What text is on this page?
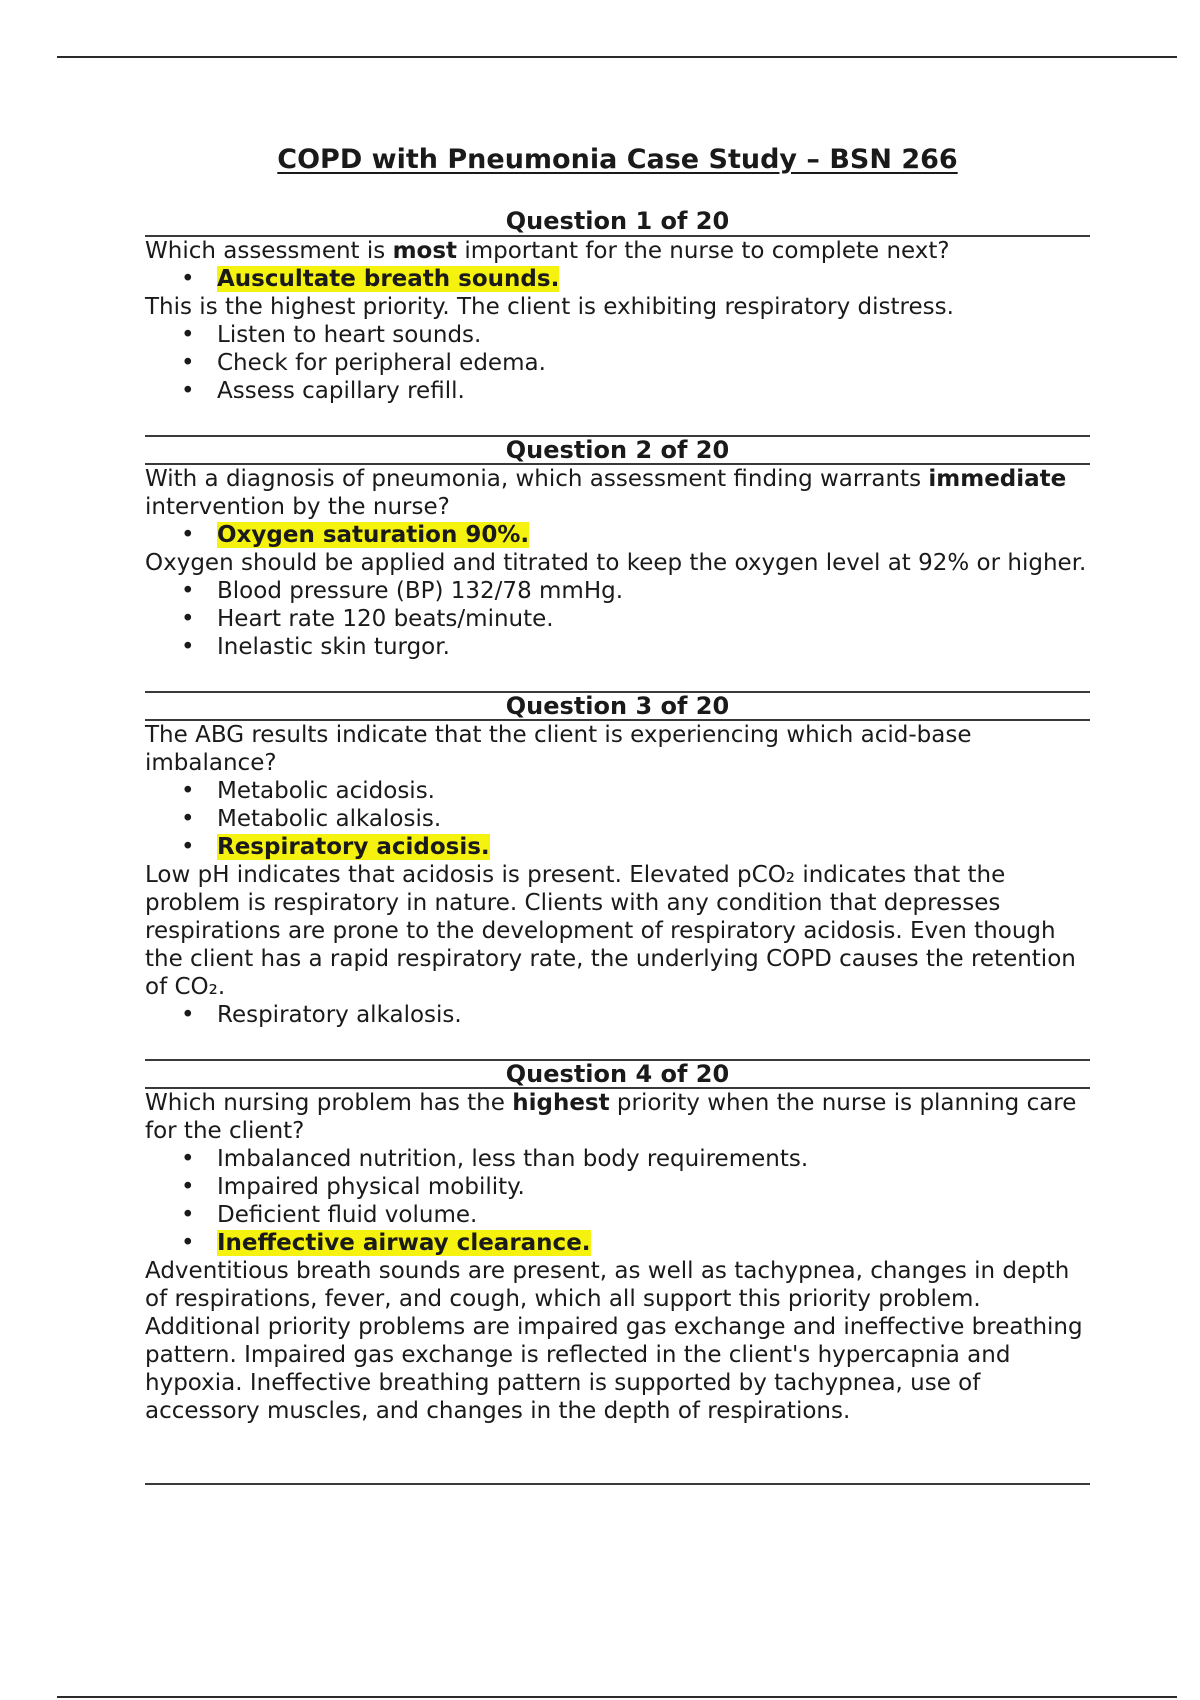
COPD with Pneumonia Case Study – BSN 266
Question 1 of 20

Which assessment is most important for the nurse to complete next?

• Auscultate breath sounds.

This is the highest priority. The client is exhibiting respiratory distress.

• Listen to heart sounds.
• Check for peripheral edema.
• Assess capillary refill.
Question 2 of 20

With a diagnosis of pneumonia, which assessment finding warrants immediate intervention by the nurse?

• Oxygen saturation 90%.

Oxygen should be applied and titrated to keep the oxygen level at 92% or higher.

• Blood pressure (BP) 132/78 mmHg.
• Heart rate 120 beats/minute.
• Inelastic skin turgor.
Question 3 of 20

The ABG results indicate that the client is experiencing which acid-base imbalance?

• Metabolic acidosis.
• Metabolic alkalosis.
• Respiratory acidosis.

Low pH indicates that acidosis is present. Elevated pCO₂ indicates that the problem is respiratory in nature. Clients with any condition that depresses respirations are prone to the development of respiratory acidosis. Even though the client has a rapid respiratory rate, the underlying COPD causes the retention of CO₂.

• Respiratory alkalosis.
Question 4 of 20

Which nursing problem has the highest priority when the nurse is planning care for the client?

• Imbalanced nutrition, less than body requirements.
• Impaired physical mobility.
• Deficient fluid volume.
• Ineffective airway clearance.

Adventitious breath sounds are present, as well as tachypnea, changes in depth of respirations, fever, and cough, which all support this priority problem. Additional priority problems are impaired gas exchange and ineffective breathing pattern. Impaired gas exchange is reflected in the client's hypercapnia and hypoxia. Ineffective breathing pattern is supported by tachypnea, use of accessory muscles, and changes in the depth of respirations.
